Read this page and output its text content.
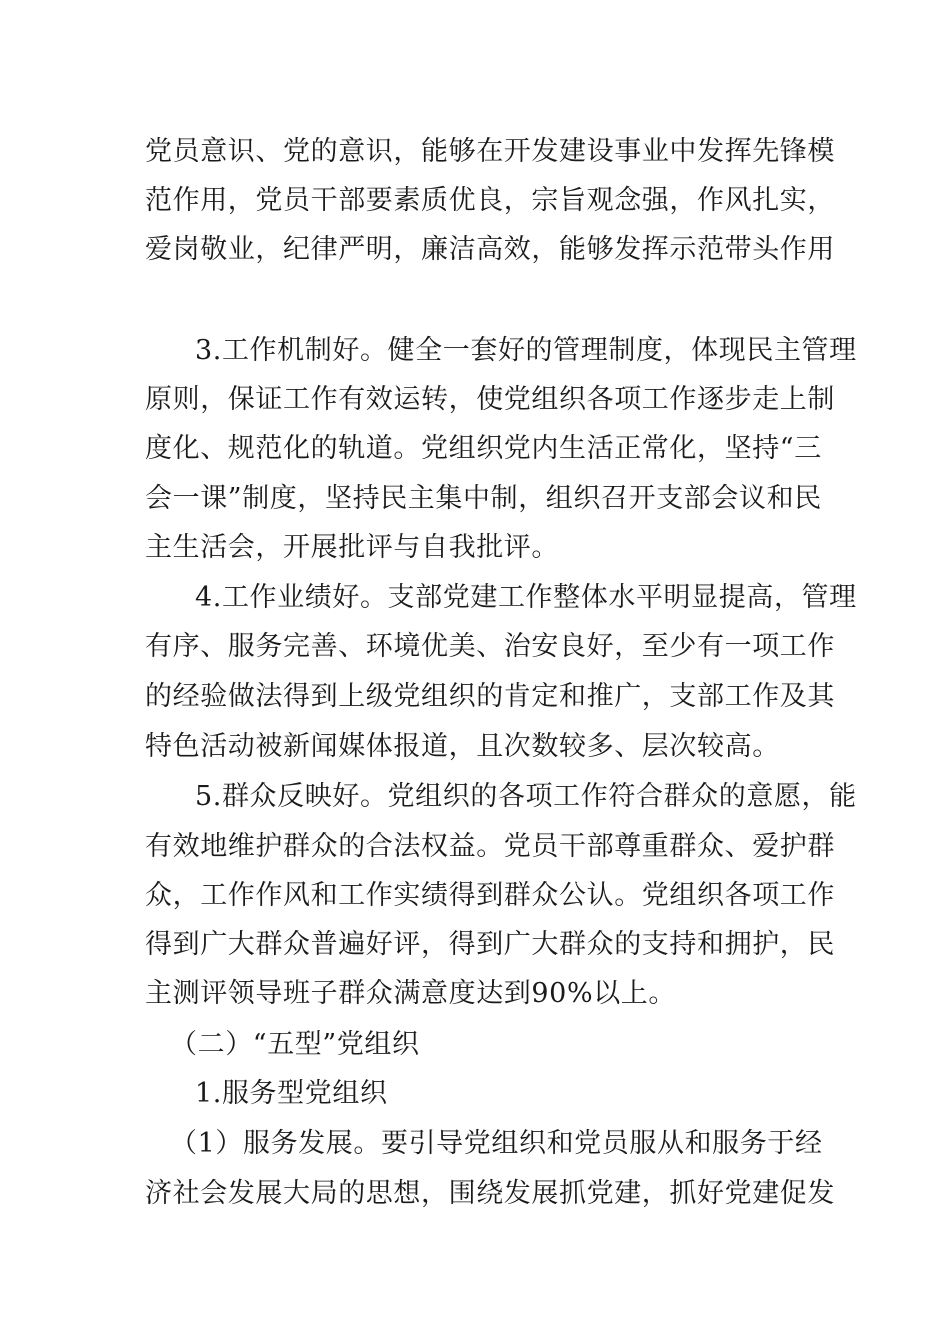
党员意识、党的意识，能够在开发建设事业中发挥先锋模
范作用，党员干部要素质优良，宗旨观念强，作风扎实，
爱岗敬业，纪律严明，廉洁高效，能够发挥示范带头作用
3.工作机制好。健全一套好的管理制度，体现民主管理
原则，保证工作有效运转，使党组织各项工作逐步走上制
度化、规范化的轨道。党组织党内生活正常化，坚持“三
会一课”制度，坚持民主集中制，组织召开支部会议和民
主生活会，开展批评与自我批评。
4.工作业绩好。支部党建工作整体水平明显提高，管理
有序、服务完善、环境优美、治安良好，至少有一项工作
的经验做法得到上级党组织的肯定和推广，支部工作及其
特色活动被新闻媒体报道，且次数较多、层次较高。
5.群众反映好。党组织的各项工作符合群众的意愿，能
有效地维护群众的合法权益。党员干部尊重群众、爱护群
众，工作作风和工作实绩得到群众公认。党组织各项工作
得到广大群众普遍好评，得到广大群众的支持和拥护，民
主测评领导班子群众满意度达到90%以上。
（二）“五型”党组织
1.服务型党组织
（1）服务发展。要引导党组织和党员服从和服务于经
济社会发展大局的思想，围绕发展抓党建，抓好党建促发
